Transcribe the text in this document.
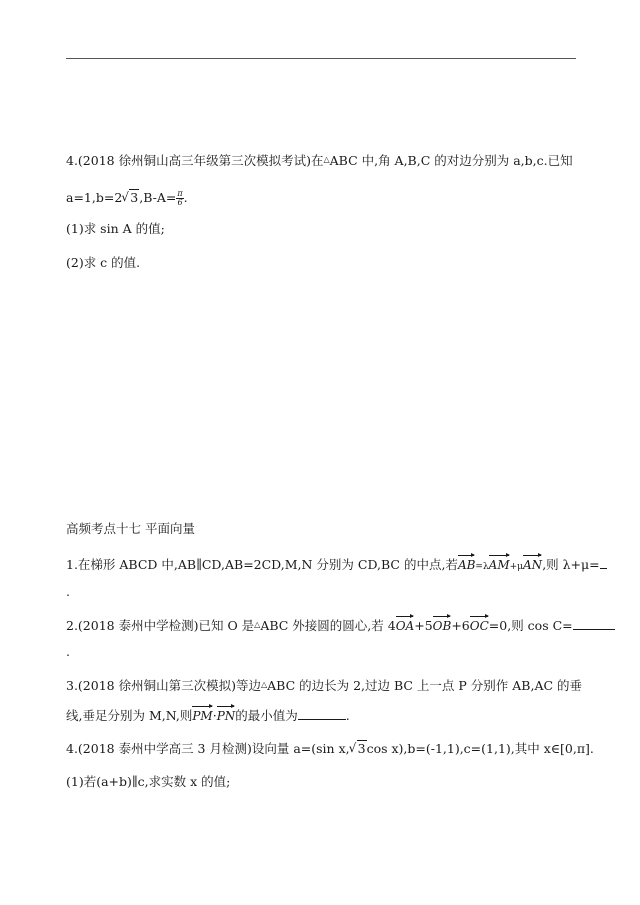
4.(2018 徐州铜山高三年级第三次模拟考试)在△ABC 中,角 A,B,C 的对边分别为 a,b,c.已知
a=1,b=2 √ $3,B-A= \frac{\pi}{6}$ .
(1)求 sin A 的值;
(2)求 c 的值.
高频考点十七 平面向量
1.在梯形 ABCD 中,AB∥CD,AB=2CD,M,N 分别为 CD,BC 的中点,若AB=λAM+μAN,则 λ+μ=
.
2.(2018 泰州中学检测)已知 O 是△ABC 外接圆的圆心,若 4OA+5OB+6OC=0,则 cos C=
.
3.(2018 徐州铜山第三次模拟)等边△ABC 的边长为 2,过边 BC 上一点 P 分别作 AB,AC 的垂
线,垂足分别为 M,N,则PM·PN的最小值为	.
4.(2018 泰州中学高三 3 月检测)设向量 a=(sin x, √ 3cos x),b=(-1,1),c=(1,1),其中 x∈[0,π].
(1)若(a+b)∥c,求实数 x 的值;
